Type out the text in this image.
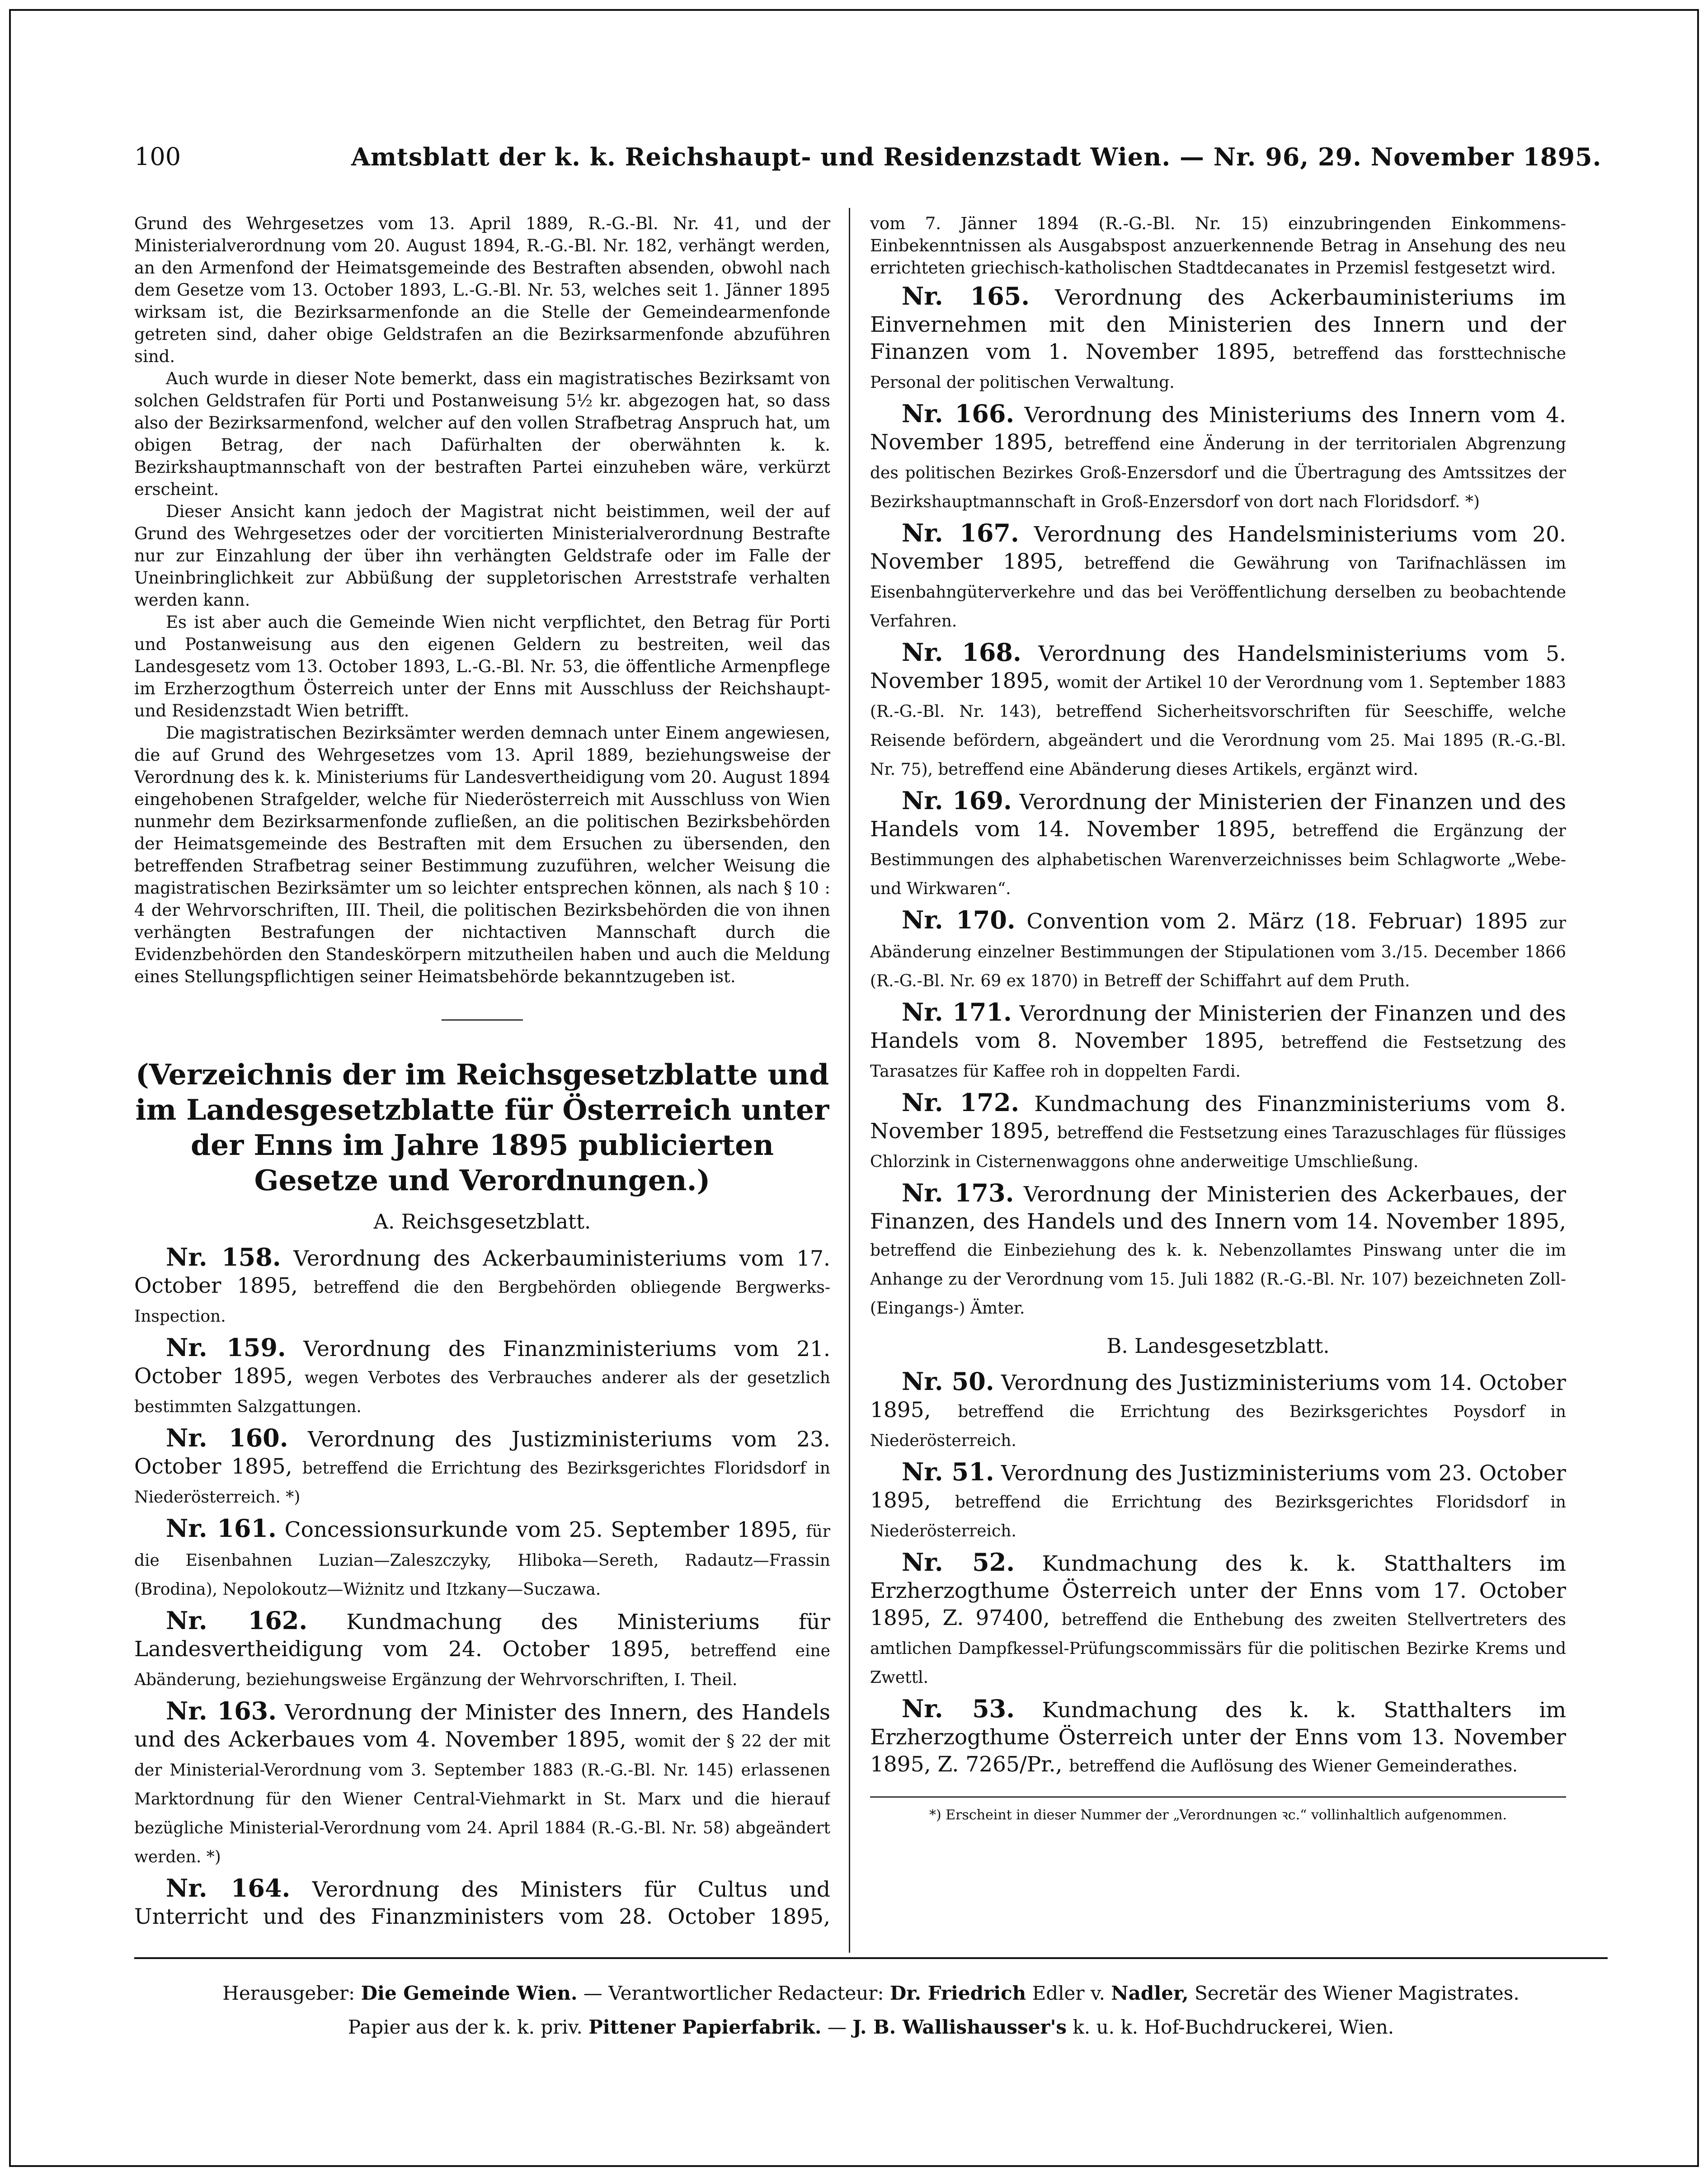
100	Amtsblatt der k. k. Reichshaupt- und Residenzstadt Wien. — Nr. 96, 29. November 1895.

Grund des Wehrgesetzes vom 13. April 1889, R.-G.-Bl. Nr. 41, und der Ministerialverordnung vom 20. August 1894, R.-G.-Bl. Nr. 182, verhängt werden, an den Armenfond der Heimatsgemeinde des Bestraften absenden, obwohl nach dem Gesetze vom 13. October 1893, L.-G.-Bl. Nr. 53, welches seit 1. Jänner 1895 wirksam ist, die Bezirksarmenfonde an die Stelle der Gemeindearmenfonde getreten sind, daher obige Geldstrafen an die Bezirksarmenfonde abzuführen sind.

Auch wurde in dieser Note bemerkt, dass ein magistratisches Bezirksamt von solchen Geldstrafen für Porti und Postanweisung 5½ kr. abgezogen hat, so dass also der Bezirksarmenfond, welcher auf den vollen Strafbetrag Anspruch hat, um obigen Betrag, der nach Dafürhalten der oberwähnten k. k. Bezirkshauptmannschaft von der bestraften Partei einzuheben wäre, verkürzt erscheint.

Dieser Ansicht kann jedoch der Magistrat nicht beistimmen, weil der auf Grund des Wehrgesetzes oder der vorcitierten Ministerialverordnung Bestrafte nur zur Einzahlung der über ihn verhängten Geldstrafe oder im Falle der Uneinbringlichkeit zur Abbüßung der suppletorischen Arreststrafe verhalten werden kann.

Es ist aber auch die Gemeinde Wien nicht verpflichtet, den Betrag für Porti und Postanweisung aus den eigenen Geldern zu bestreiten, weil das Landesgesetz vom 13. October 1893, L.-G.-Bl. Nr. 53, die öffentliche Armenpflege im Erzherzogthum Österreich unter der Enns mit Ausschluss der Reichshaupt- und Residenzstadt Wien betrifft.

Die magistratischen Bezirksämter werden demnach unter Einem angewiesen, die auf Grund des Wehrgesetzes vom 13. April 1889, beziehungsweise der Verordnung des k. k. Ministeriums für Landesvertheidigung vom 20. August 1894 eingehobenen Strafgelder, welche für Niederösterreich mit Ausschluss von Wien nunmehr dem Bezirksarmenfonde zufließen, an die politischen Bezirksbehörden der Heimatsgemeinde des Bestraften mit dem Ersuchen zu übersenden, den betreffenden Strafbetrag seiner Bestimmung zuzuführen, welcher Weisung die magistratischen Bezirksämter um so leichter entsprechen können, als nach § 10 : 4 der Wehrvorschriften, III. Theil, die politischen Bezirksbehörden die von ihnen verhängten Bestrafungen der nichtactiven Mannschaft durch die Evidenzbehörden den Standeskörpern mitzutheilen haben und auch die Meldung eines Stellungspflichtigen seiner Heimatsbehörde bekanntzugeben ist.

(Verzeichnis der im Reichsgesetzblatte und im Landesgesetzblatte für Österreich unter der Enns im Jahre 1895 publicierten Gesetze und Verordnungen.)

A. Reichsgesetzblatt.

Nr. 158. Verordnung des Ackerbauministeriums vom 17. October 1895, betreffend die den Bergbehörden obliegende Bergwerks-Inspection.

Nr. 159. Verordnung des Finanzministeriums vom 21. October 1895, wegen Verbotes des Verbrauches anderer als der gesetzlich bestimmten Salzgattungen.

Nr. 160. Verordnung des Justizministeriums vom 23. October 1895, betreffend die Errichtung des Bezirksgerichtes Floridsdorf in Niederösterreich. *)

Nr. 161. Concessionsurkunde vom 25. September 1895, für die Eisenbahnen Luzian—Zaleszczyky, Hlibokа—Sereth, Radautz—Frassin (Brodina), Nepolokoutz—Wiżnitz und Itzkany—Suczawa.

Nr. 162. Kundmachung des Ministeriums für Landesvertheidigung vom 24. October 1895, betreffend eine Abänderung, beziehungsweise Ergänzung der Wehrvorschriften, I. Theil.

Nr. 163. Verordnung der Minister des Innern, des Handels und des Ackerbaues vom 4. November 1895, womit der § 22 der mit der Ministerial-Verordnung vom 3. September 1883 (R.-G.-Bl. Nr. 145) erlassenen Marktordnung für den Wiener Central-Viehmarkt in St. Marx und die hierauf bezügliche Ministerial-Verordnung vom 24. April 1884 (R.-G.-Bl. Nr. 58) abgeändert werden. *)

Nr. 164. Verordnung des Ministers für Cultus und Unterricht und des Finanzministers vom 28. October 1895,

vom 7. Jänner 1894 (R.-G.-Bl. Nr. 15) einzubringenden Einkommens-Einbekenntnissen als Ausgabspost anzuerkennende Betrag in Ansehung des neu errichteten griechisch-katholischen Stadtdecanates in Przemisl festgesetzt wird.

Nr. 165. Verordnung des Ackerbauministeriums im Einvernehmen mit den Ministerien des Innern und der Finanzen vom 1. November 1895, betreffend das forsttechnische Personal der politischen Verwaltung.

Nr. 166. Verordnung des Ministeriums des Innern vom 4. November 1895, betreffend eine Änderung in der territorialen Abgrenzung des politischen Bezirkes Groß-Enzersdorf und die Übertragung des Amtssitzes der Bezirkshauptmannschaft in Groß-Enzersdorf von dort nach Floridsdorf. *)

Nr. 167. Verordnung des Handelsministeriums vom 20. November 1895, betreffend die Gewährung von Tarifnachlässen im Eisenbahngüterverkehre und das bei Veröffentlichung derselben zu beobachtende Verfahren.

Nr. 168. Verordnung des Handelsministeriums vom 5. November 1895, womit der Artikel 10 der Verordnung vom 1. September 1883 (R.-G.-Bl. Nr. 143), betreffend Sicherheitsvorschriften für Seeschiffe, welche Reisende befördern, abgeändert und die Verordnung vom 25. Mai 1895 (R.-G.-Bl. Nr. 75), betreffend eine Abänderung dieses Artikels, ergänzt wird.

Nr. 169. Verordnung der Ministerien der Finanzen und des Handels vom 14. November 1895, betreffend die Ergänzung der Bestimmungen des alphabetischen Warenverzeichnisses beim Schlagworte „Webe- und Wirkwaren“.

Nr. 170. Convention vom 2. März (18. Februar) 1895 zur Abänderung einzelner Bestimmungen der Stipulationen vom 3./15. December 1866 (R.-G.-Bl. Nr. 69 ex 1870) in Betreff der Schiffahrt auf dem Pruth.

Nr. 171. Verordnung der Ministerien der Finanzen und des Handels vom 8. November 1895, betreffend die Festsetzung des Tarasatzes für Kaffee roh in doppelten Fardi.

Nr. 172. Kundmachung des Finanzministeriums vom 8. November 1895, betreffend die Festsetzung eines Tarazuschlages für flüssiges Chlorzink in Cisternenwaggons ohne anderweitige Umschließung.

Nr. 173. Verordnung der Ministerien des Ackerbaues, der Finanzen, des Handels und des Innern vom 14. November 1895, betreffend die Einbeziehung des k. k. Nebenzollamtes Pinswang unter die im Anhange zu der Verordnung vom 15. Juli 1882 (R.-G.-Bl. Nr. 107) bezeichneten Zoll- (Eingangs-) Ämter.

B. Landesgesetzblatt.

Nr. 50. Verordnung des Justizministeriums vom 14. October 1895, betreffend die Errichtung des Bezirksgerichtes Poysdorf in Niederösterreich.

Nr. 51. Verordnung des Justizministeriums vom 23. October 1895, betreffend die Errichtung des Bezirksgerichtes Floridsdorf in Niederösterreich.

Nr. 52. Kundmachung des k. k. Statthalters im Erzherzogthume Österreich unter der Enns vom 17. October 1895, Z. 97400, betreffend die Enthebung des zweiten Stellvertreters des amtlichen Dampfkessel-Prüfungscommissärs für die politischen Bezirke Krems und Zwettl.

Nr. 53. Kundmachung des k. k. Statthalters im Erzherzogthume Österreich unter der Enns vom 13. November 1895, Z. 7265/Pr., betreffend die Auflösung des Wiener Gemeinderathes.

*) Erscheint in dieser Nummer der „Verordnungen ꝛc.“ vollinhaltlich aufgenommen.

Herausgeber: Die Gemeinde Wien. — Verantwortlicher Redacteur: Dr. Friedrich Edler v. Nadler, Secretär des Wiener Magistrates.

Papier aus der k. k. priv. Pittener Papierfabrik. — J. B. Wallishausser's k. u. k. Hof-Buchdruckerei, Wien.
